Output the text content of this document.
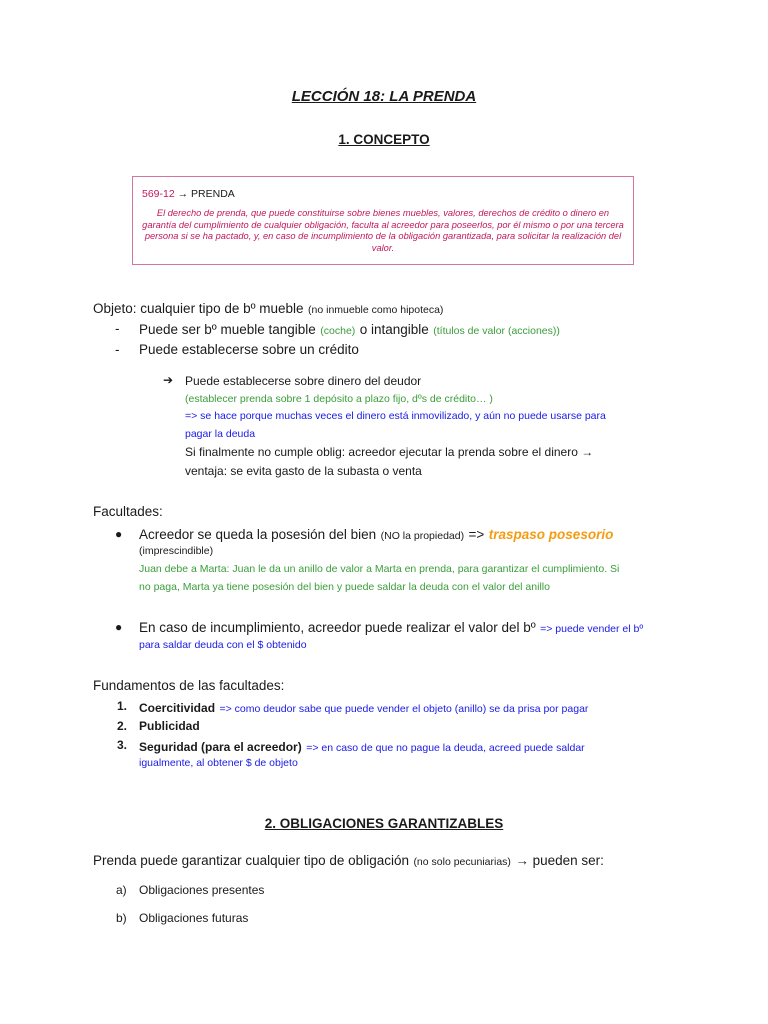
LECCIÓN 18: LA PRENDA
1. CONCEPTO
569-12 → PRENDA
El derecho de prenda, que puede constituirse sobre bienes muebles, valores, derechos de crédito o dinero en garantía del cumplimiento de cualquier obligación, faculta al acreedor para poseerlos, por él mismo o por una tercera persona si se ha pactado, y, en caso de incumplimiento de la obligación garantizada, para solicitar la realización del valor.
Objeto: cualquier tipo de bº mueble (no inmueble como hipoteca)
- Puede ser bº mueble tangible (coche) o intangible (títulos de valor (acciones))
- Puede establecerse sobre un crédito
➔ Puede establecerse sobre dinero del deudor
(establecer prenda sobre 1 depósito a plazo fijo, dºs de crédito… )
=> se hace porque muchas veces el dinero está inmovilizado, y aún no puede usarse para
pagar la deuda
Si finalmente no cumple oblig: acreedor ejecutar la prenda sobre el dinero →
ventaja: se evita gasto de la subasta o venta
Facultades:
● Acreedor se queda la posesión del bien (NO la propiedad) => traspaso posesorio
(imprescindible)
Juan debe a Marta: Juan le da un anillo de valor a Marta en prenda, para garantizar el cumplimiento. Si
no paga, Marta ya tiene posesión del bien y puede saldar la deuda con el valor del anillo
● En caso de incumplimiento, acreedor puede realizar el valor del bº => puede vender el bº
para saldar deuda con el $ obtenido
Fundamentos de las facultades:
1. Coercitividad => como deudor sabe que puede vender el objeto (anillo) se da prisa por pagar
2. Publicidad
3. Seguridad (para el acreedor) => en caso de que no pague la deuda, acreed puede saldar
igualmente, al obtener $ de objeto
2. OBLIGACIONES GARANTIZABLES
Prenda puede garantizar cualquier tipo de obligación (no solo pecuniarias) → pueden ser:
a) Obligaciones presentes
b) Obligaciones futuras
